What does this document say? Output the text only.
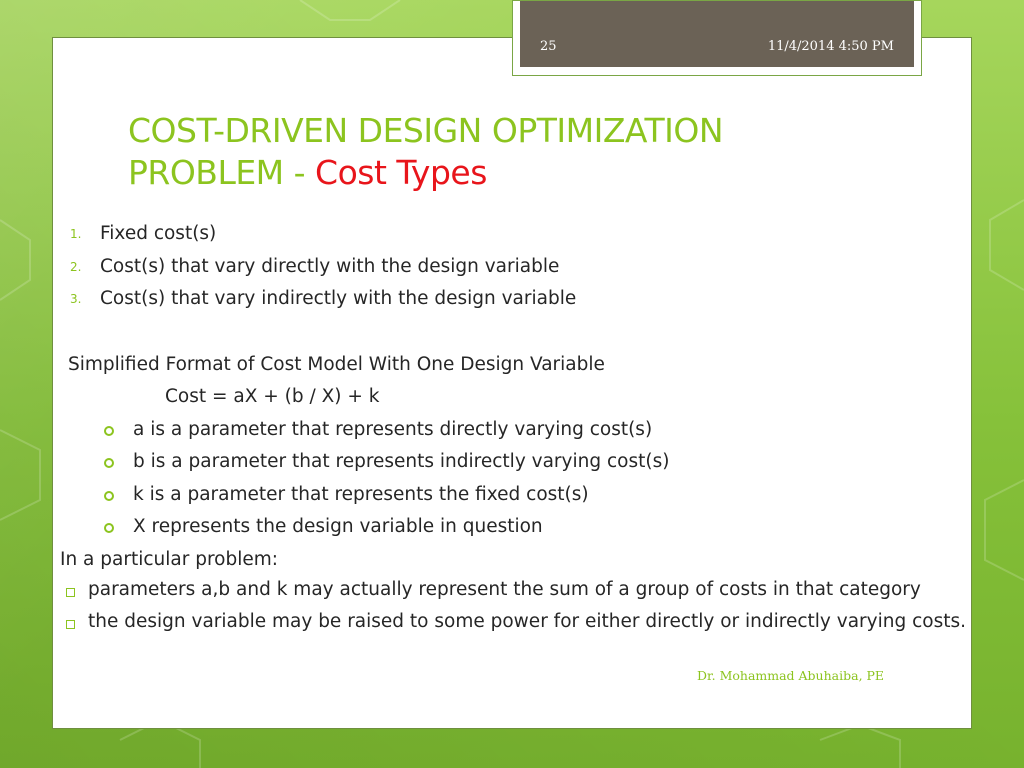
25	11/4/2014 4:50 PM
COST-DRIVEN DESIGN OPTIMIZATION
PROBLEM - Cost Types
1.	Fixed cost(s)
2.	Cost(s) that vary directly with the design variable
3.	Cost(s) that vary indirectly with the design variable
Simplified Format of Cost Model With One Design Variable
Cost = aX + (b / X) + k
a is a parameter that represents directly varying cost(s)
b is a parameter that represents indirectly varying cost(s)
k is a parameter that represents the fixed cost(s)
X represents the design variable in question
In a particular problem:
parameters a,b and k may actually represent the sum of a group of costs in that category
the design variable may be raised to some power for either directly or indirectly varying costs.
Dr. Mohammad Abuhaiba, PE
